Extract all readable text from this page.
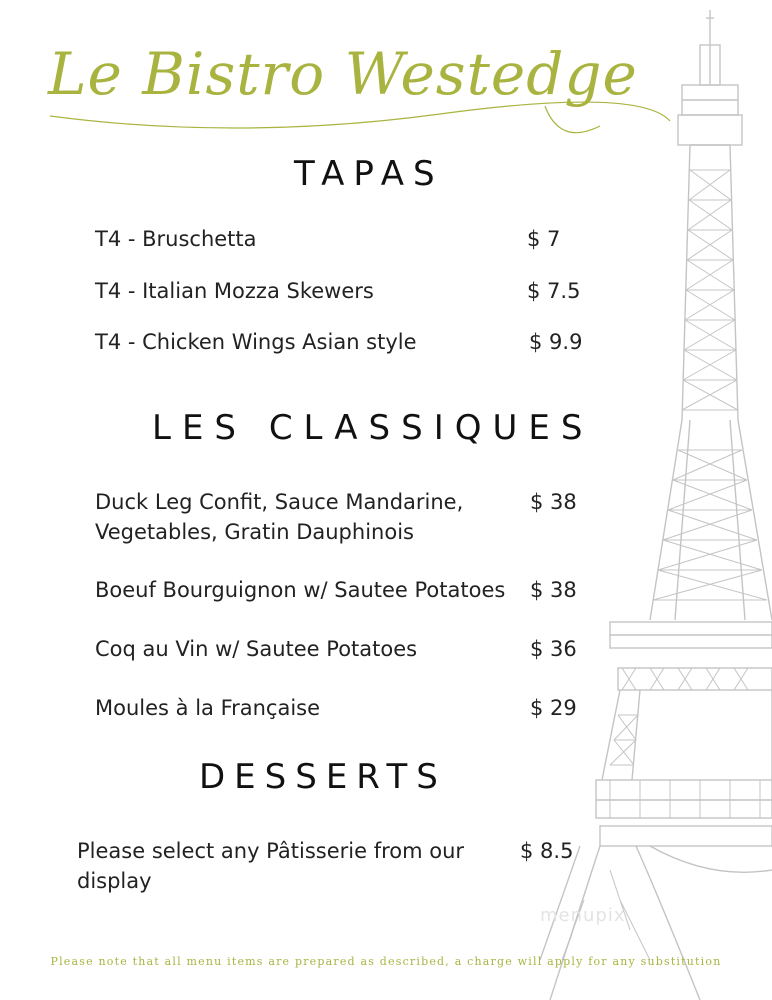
Le Bistro Westedge
TAPAS
T4 - Bruschetta	$ 7
T4 - Italian Mozza Skewers	$ 7.5
T4 - Chicken Wings Asian style	$ 9.9
LES CLASSIQUES
Duck Leg Confit, Sauce Mandarine,
Vegetables, Gratin Dauphinois
$ 38
Boeuf Bourguignon w/ Sautee Potatoes $ 38
Coq au Vin w/ Sautee Potatoes	$ 36
Moules à la Française	$ 29
DESSERTS
Please select any Pâtisserie from our
display
$ 8.5
menupix
Please note that all menu items are prepared as described, a charge will apply for any substitution
